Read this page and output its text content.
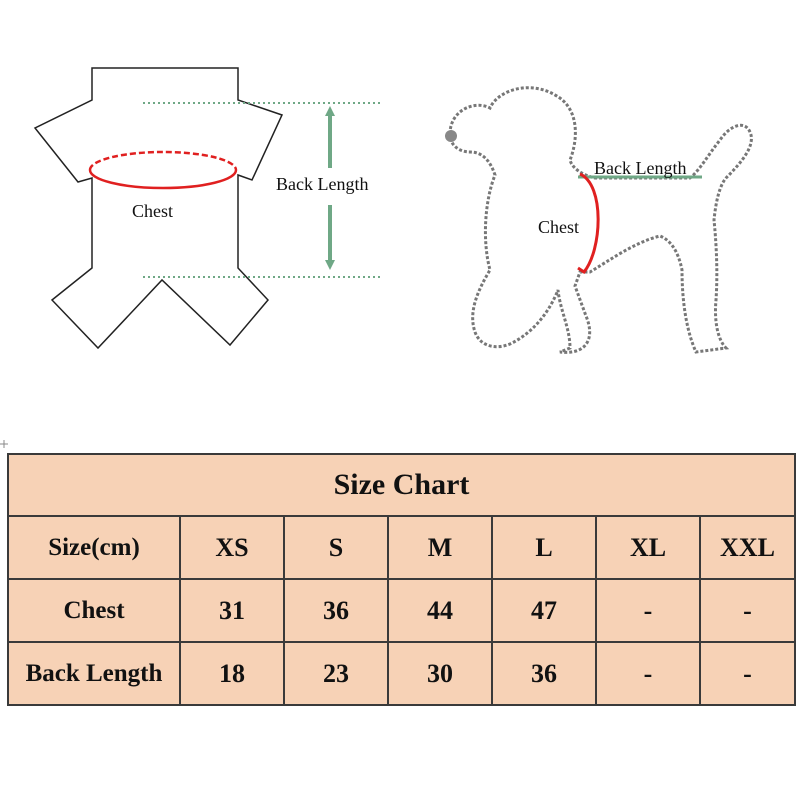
Chest
Back Length
Back Length
Chest
Size Chart						
Size(cm)	XS	S	M	L	XL	XXL
Chest	31	36	44	47	-	-
Back Length	18	23	30	36	-	-
